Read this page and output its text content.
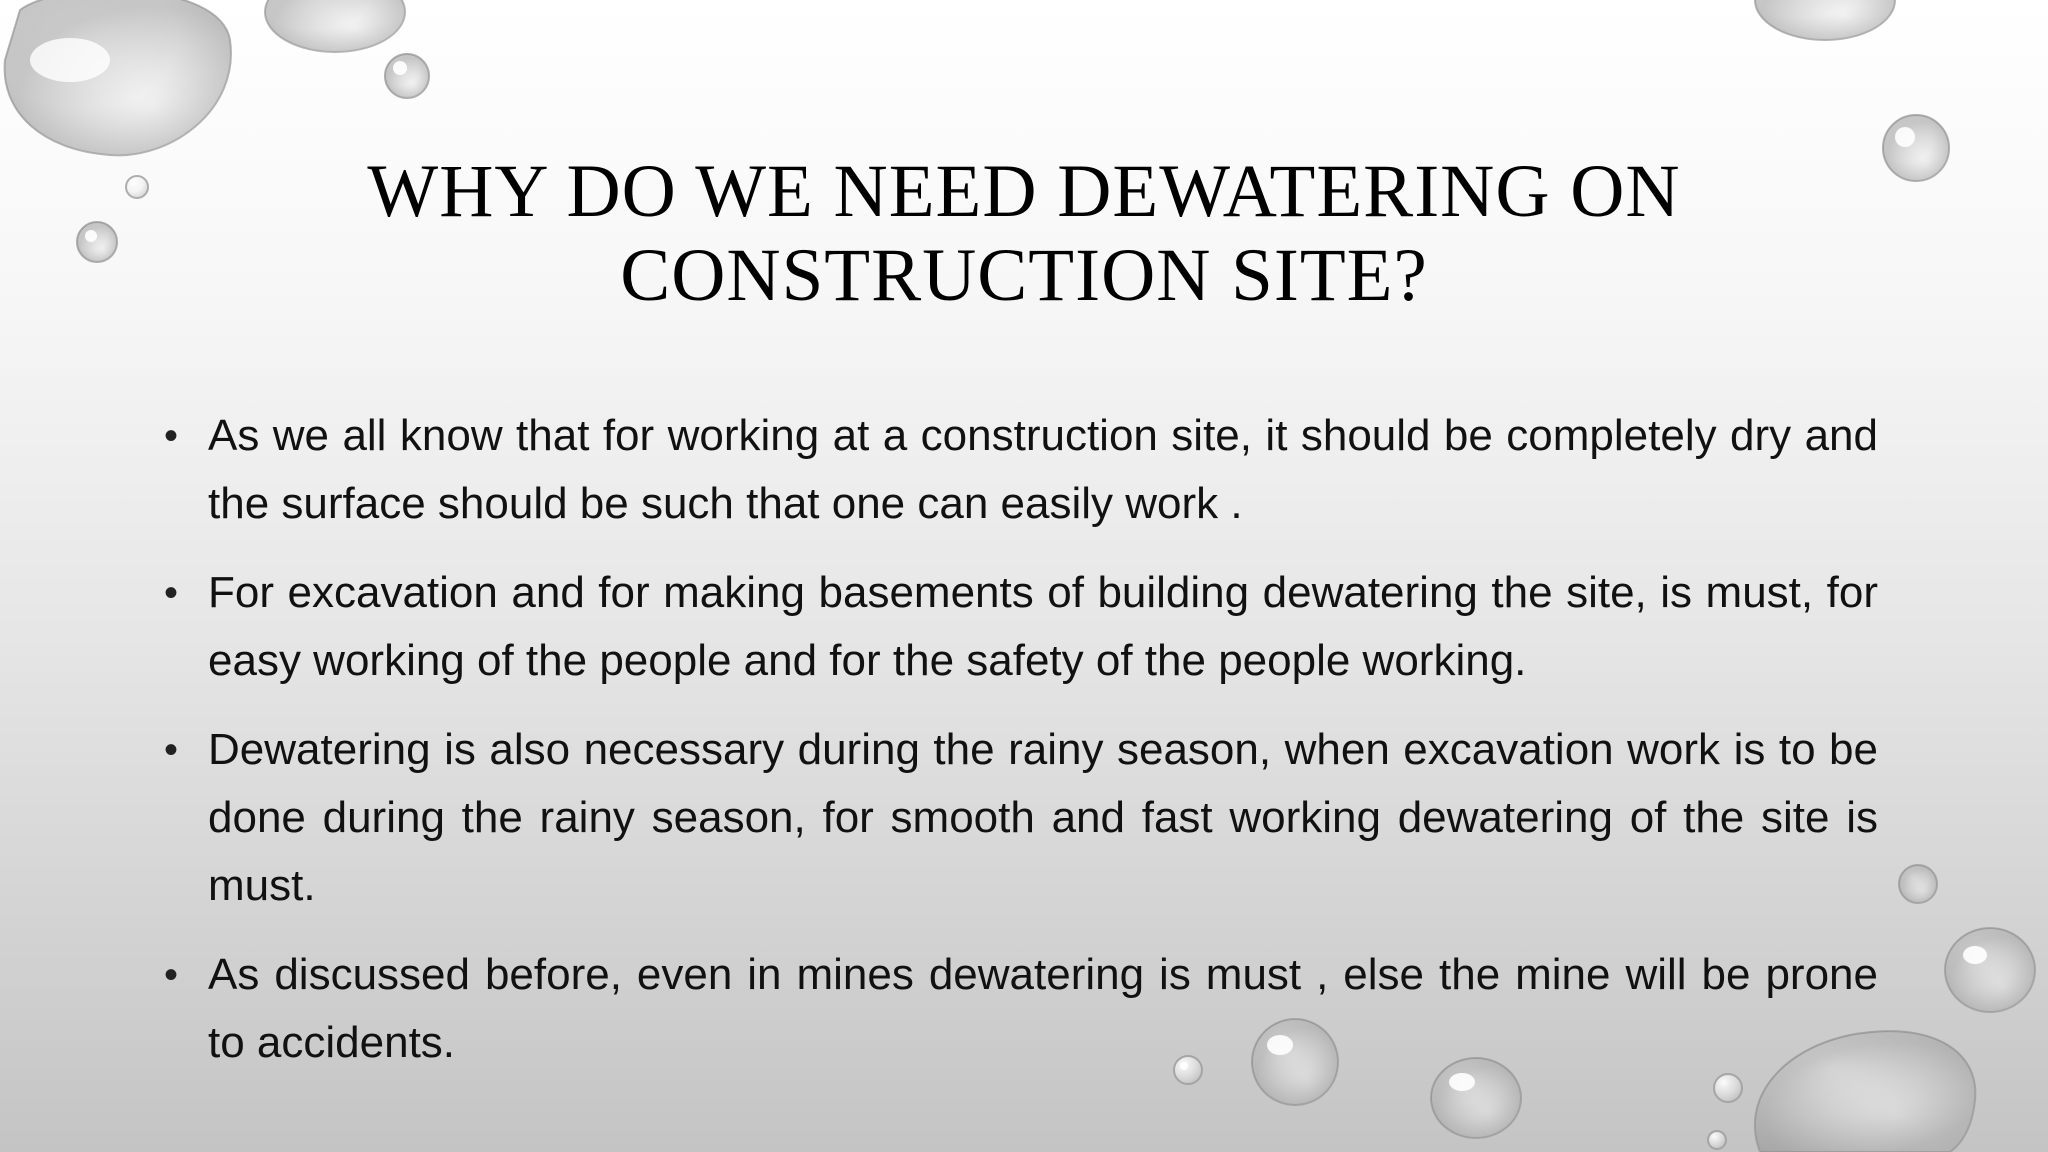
WHY DO WE NEED DEWATERING ON
CONSTRUCTION SITE?
• As we all know that for working at a construction site, it should be completely dry and the surface should be such that one can easily work .
• For excavation and for making basements of building dewatering the site, is must, for easy working of the people and for the safety of the people working.
• Dewatering is also necessary during the rainy season, when excavation work is to be done during the rainy season, for smooth and fast working dewatering of the site is must.
• As discussed before, even in mines dewatering is must , else the mine will be prone to accidents.
